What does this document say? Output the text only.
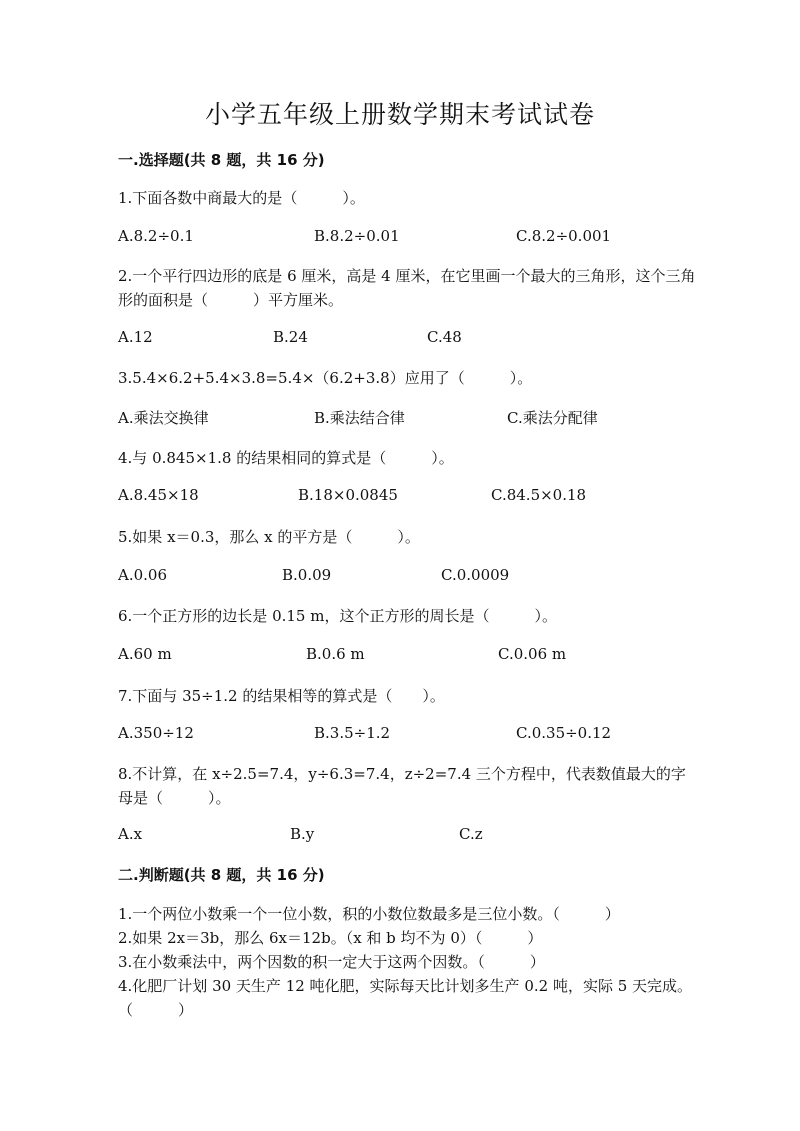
小学五年级上册数学期末考试试卷
一.选择题(共 8 题，共 16 分)
1.下面各数中商最大的是（　　　）。
A.8.2÷0.1	B.8.2÷0.01	C.8.2÷0.001
2.一个平行四边形的底是 6 厘米，高是 4 厘米，在它里画一个最大的三角形，这个三角形的面积是（　　　）平方厘米。
A.12	B.24	C.48
3.5.4×6.2+5.4×3.8=5.4×（6.2+3.8）应用了（　　　）。
A.乘法交换律	B.乘法结合律	C.乘法分配律
4.与 0.845×1.8 的结果相同的算式是（　　　）。
A.8.45×18	B.18×0.0845	C.84.5×0.18
5.如果 x＝0.3，那么 x 的平方是（　　　）。
A.0.06	B.0.09	C.0.0009
6.一个正方形的边长是 0.15 m，这个正方形的周长是（　　　）。
A.60 m	B.0.6 m	C.0.06 m
7.下面与 35÷1.2 的结果相等的算式是（　　）。
A.350÷12	B.3.5÷1.2	C.0.35÷0.12
8.不计算，在 x÷2.5=7.4，y÷6.3=7.4，z÷2=7.4 三个方程中，代表数值最大的字母是（　　　）。
A.x	B.y	C.z
二.判断题(共 8 题，共 16 分)

1.一个两位小数乘一个一位小数，积的小数位数最多是三位小数。（　　　）

2.如果 2x＝3b，那么 6x＝12b。（x 和 b 均不为 0）（　　　）

3.在小数乘法中，两个因数的积一定大于这两个因数。（　　　）

4.化肥厂计划 30 天生产 12 吨化肥，实际每天比计划多生产 0.2 吨，实际 5 天完成。（　　　）
